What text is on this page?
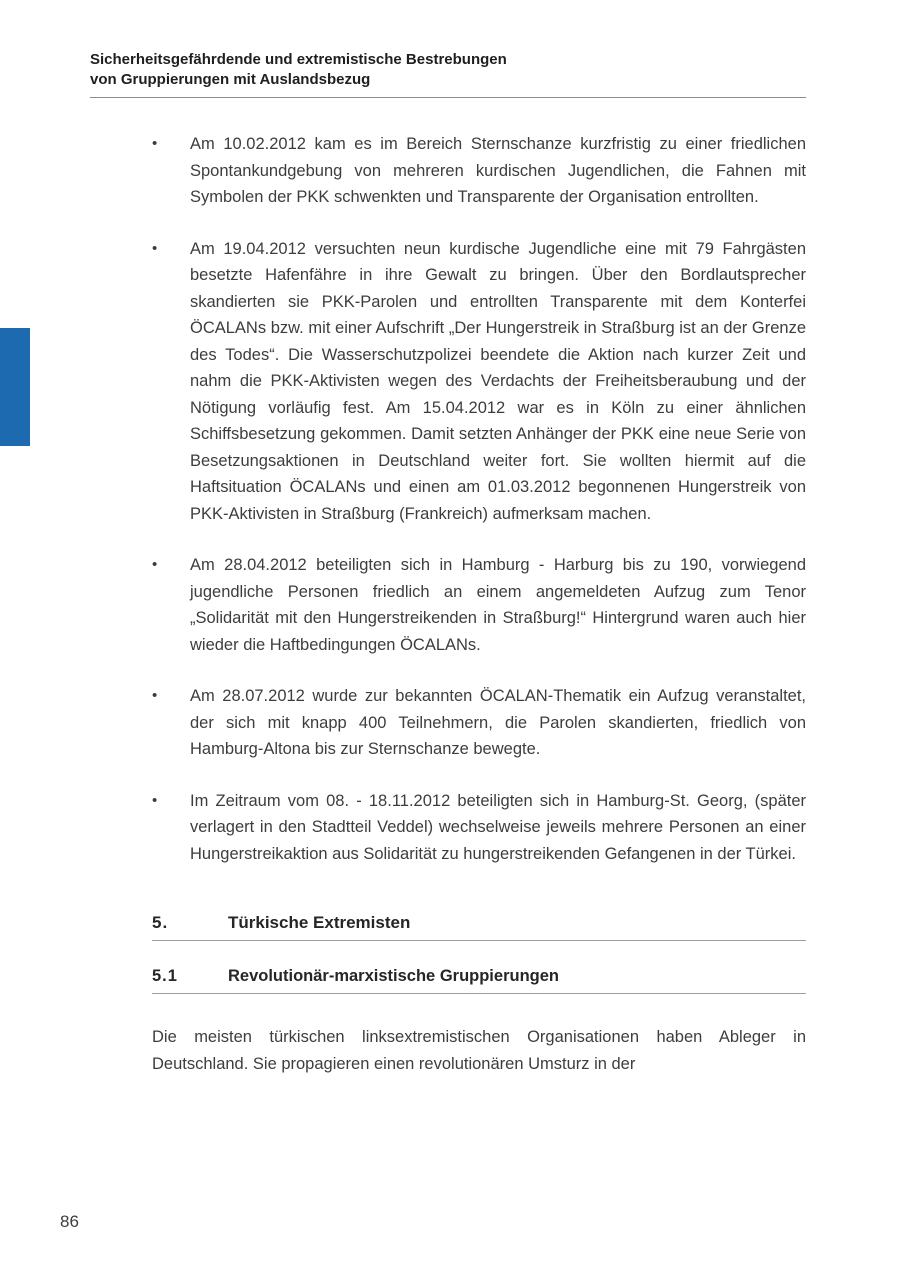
Sicherheitsgefährdende und extremistische Bestrebungen
von Gruppierungen mit Auslandsbezug
•	Am 10.02.2012 kam es im Bereich Sternschanze kurzfristig zu einer friedlichen Spontankundgebung von mehreren kurdischen Jugendlichen, die Fahnen mit Symbolen der PKK schwenkten und Transparente der Organisation entrollten.
•	Am 19.04.2012 versuchten neun kurdische Jugendliche eine mit 79 Fahrgästen besetzte Hafenfähre in ihre Gewalt zu bringen. Über den Bordlautsprecher skandierten sie PKK-Parolen und entrollten Transparente mit dem Konterfei ÖCALANs bzw. mit einer Aufschrift „Der Hungerstreik in Straßburg ist an der Grenze des Todes“. Die Wasserschutzpolizei beendete die Aktion nach kurzer Zeit und nahm die PKK-Aktivisten wegen des Verdachts der Freiheitsberaubung und der Nötigung vorläufig fest. Am 15.04.2012 war es in Köln zu einer ähnlichen Schiffsbesetzung gekommen. Damit setzten Anhänger der PKK eine neue Serie von Besetzungsaktionen in Deutschland weiter fort. Sie wollten hiermit auf die Haftsituation ÖCALANs und einen am 01.03.2012 begonnenen Hungerstreik von PKK-Aktivisten in Straßburg (Frankreich) aufmerksam machen.
•	Am 28.04.2012 beteiligten sich in Hamburg - Harburg bis zu 190, vorwiegend jugendliche Personen friedlich an einem angemeldeten Aufzug zum Tenor „Solidarität mit den Hungerstreikenden in Straßburg!“ Hintergrund waren auch hier wieder die Haftbedingungen ÖCALANs.
•	Am 28.07.2012 wurde zur bekannten ÖCALAN-Thematik ein Aufzug veranstaltet, der sich mit knapp 400 Teilnehmern, die Parolen skandierten, friedlich von Hamburg-Altona bis zur Sternschanze bewegte.
•	Im Zeitraum vom 08. - 18.11.2012 beteiligten sich in Hamburg-St. Georg, (später verlagert in den Stadtteil Veddel) wechselweise jeweils mehrere Personen an einer Hungerstreikaktion aus Solidarität zu hungerstreikenden Gefangenen in der Türkei.
5.	Türkische Extremisten
5.1	Revolutionär-marxistische Gruppierungen
Die meisten türkischen linksextremistischen Organisationen haben Ableger in Deutschland. Sie propagieren einen revolutionären Umsturz in der
86
